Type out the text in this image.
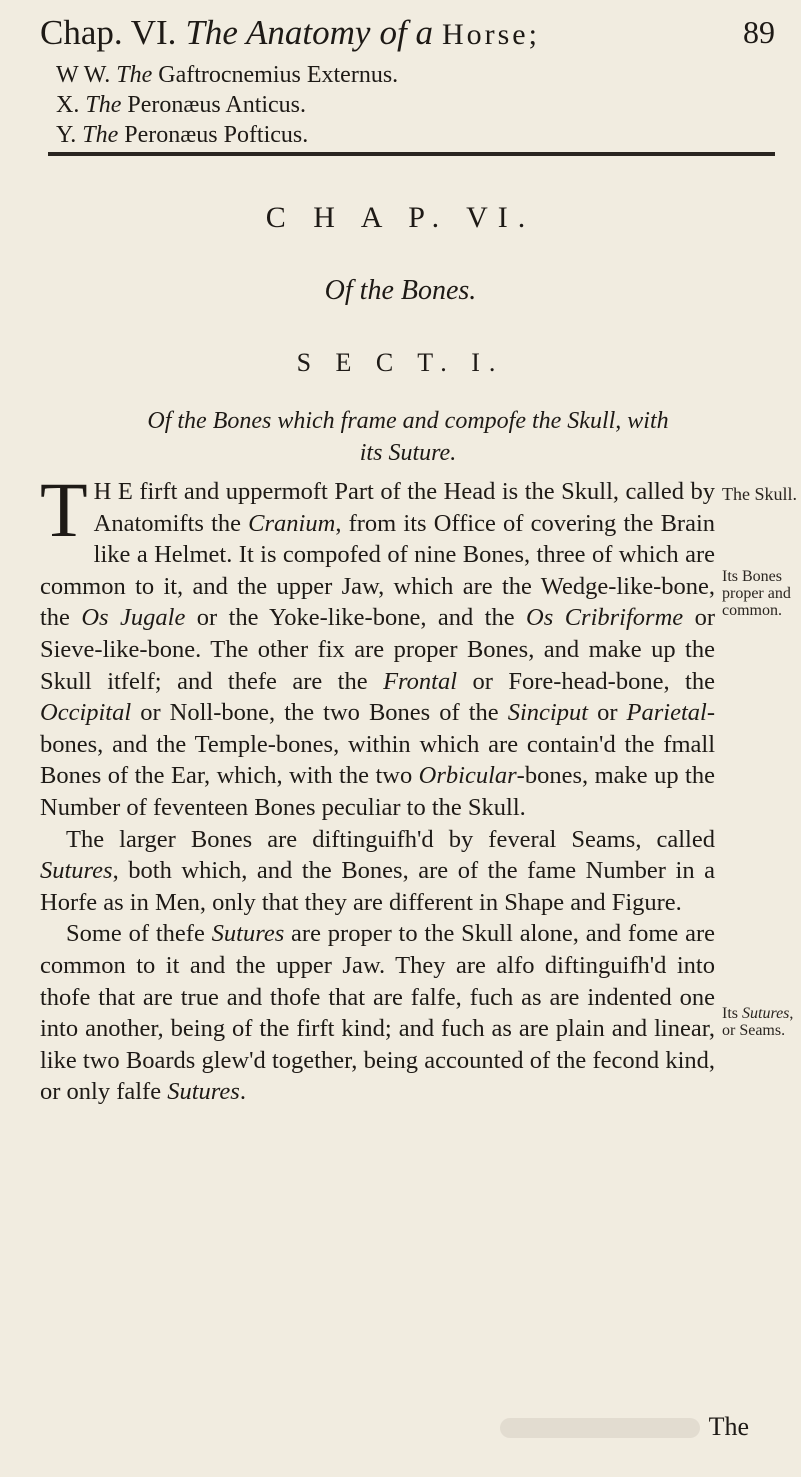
Chap. VI. The Anatomy of a Horse;	89
W W. The Gaftrocnemius Externus.
X. The Peronæus Anticus.
Y. The Peronæus Pofticus.
C H A P. VI.
Of the Bones.
S E C T. I.
Of the Bones which frame and compofe the Skull, with
its Suture.

T H E firft and uppermoft Part of the Head is the Skull, called by Anatomifts the Cranium, from its Office of covering the Brain like a Helmet. It is compofed of nine Bones, three of which are common to it, and the upper Jaw, which are the Wedge-like-bone, the Os Jugale or the Yoke-like-bone, and the Os Cribriforme or Sieve-like-bone. The other fix are proper Bones, and make up the Skull itfelf; and thefe are the Frontal or Fore-head-bone, the Occipital or Noll-bone, the two Bones of the Sinciput or Parietal-bones, and the Temple-bones, within which are contain'd the fmall Bones of the Ear, which, with the two Orbicular-bones, make up the Number of feventeen Bones peculiar to the Skull.

The larger Bones are diftinguifh'd by feveral Seams, called Sutures, both which, and the Bones, are of the fame Number in a Horfe as in Men, only that they are different in Shape and Figure.

Some of thefe Sutures are proper to the Skull alone, and fome are common to it and the upper Jaw. They are alfo diftinguifh'd into thofe that are true and thofe that are falfe, fuch as are indented one into another, being of the firft kind; and fuch as are plain and linear, like two Boards glew'd together, being accounted of the fecond kind, or only falfe Sutures.

The Skull.
Its Bones proper and common.
Its Sutures, or Seams.
The
